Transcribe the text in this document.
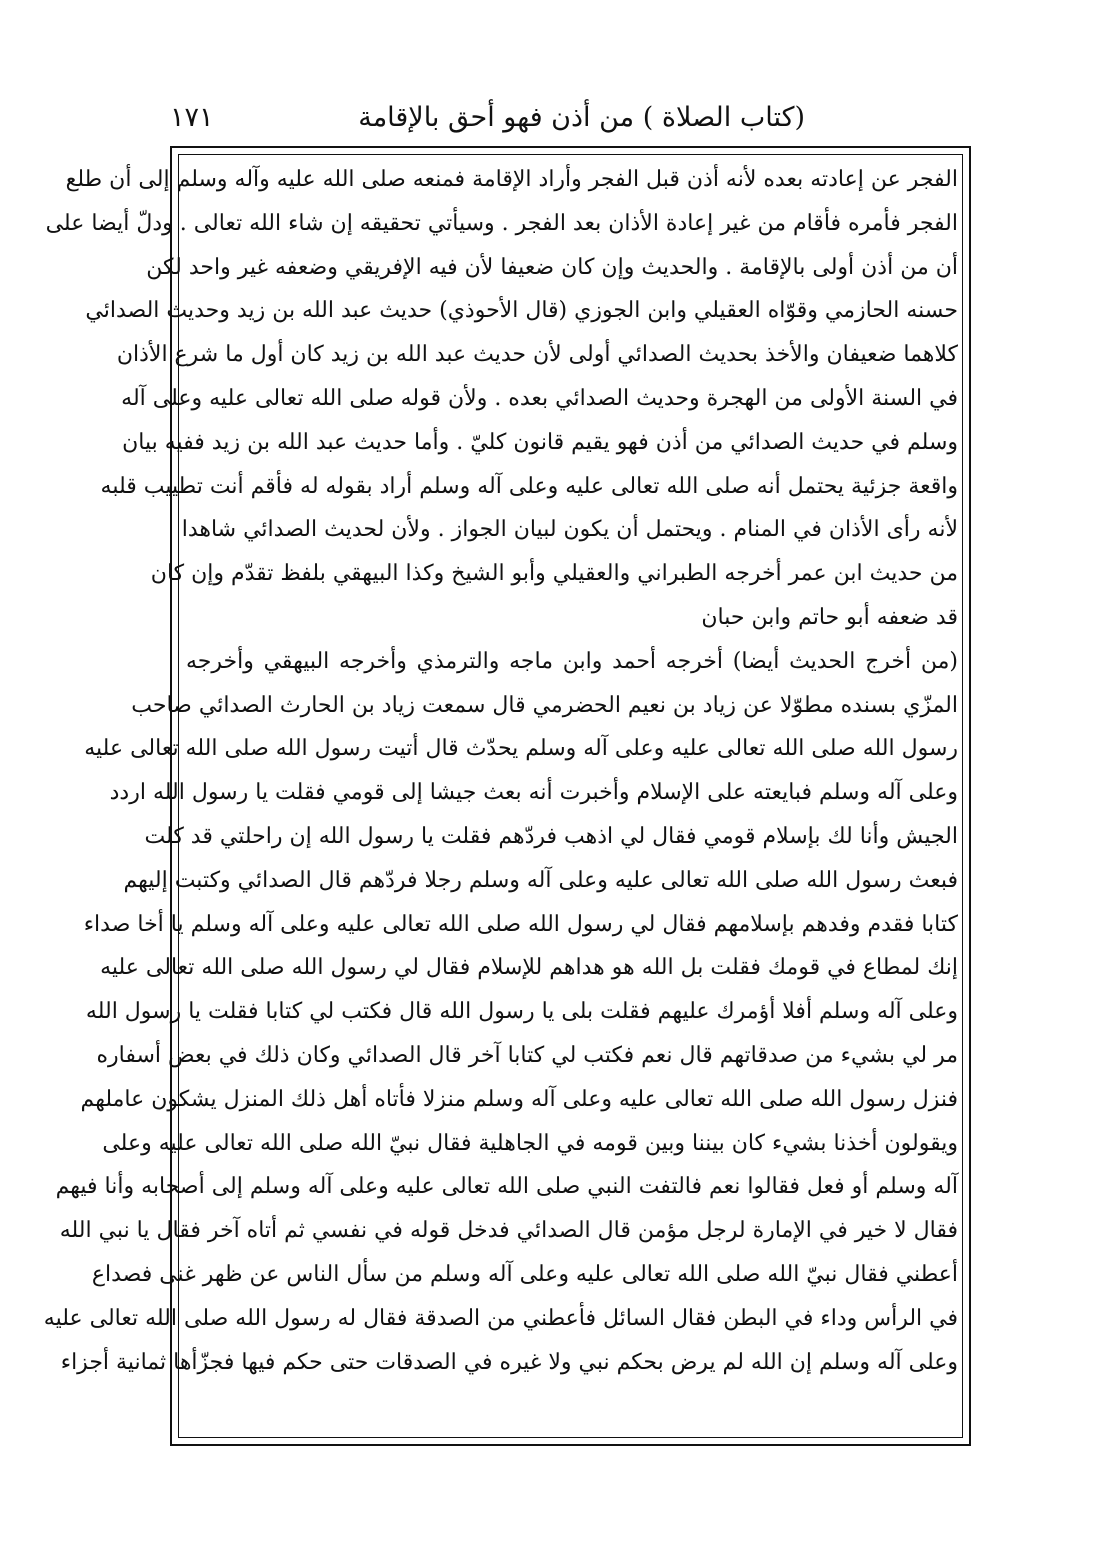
(كتاب الصلاة ) من أذن فهو أحق بالإقامة
١٧١
الفجر عن إعادته بعده لأنه أذن قبل الفجر وأراد الإقامة فمنعه صلى الله عليه وآله وسلم إلى أن طلع
الفجر فأمره فأقام من غير إعادة الأذان بعد الفجر . وسيأتي تحقيقه إن شاء الله تعالى . ودلّ أيضا على
أن من أذن أولى بالإقامة . والحديث وإن كان ضعيفا لأن فيه الإفريقي وضعفه غير واحد لكن
حسنه الحازمي وقوّاه العقيلي وابن الجوزي (قال الأحوذي) حديث عبد الله بن زيد وحديث الصدائي
كلاهما ضعيفان والأخذ بحديث الصدائي أولى لأن حديث عبد الله بن زيد كان أول ما شرع الأذان
في السنة الأولى من الهجرة وحديث الصدائي بعده . ولأن قوله صلى الله تعالى عليه وعلى آله
وسلم في حديث الصدائي من أذن فهو يقيم قانون كليّ . وأما حديث عبد الله بن زيد ففيه بيان
واقعة جزئية يحتمل أنه صلى الله تعالى عليه وعلى آله وسلم أراد بقوله له فأقم أنت تطييب قلبه
لأنه رأى الأذان في المنام . ويحتمل أن يكون لبيان الجواز . ولأن لحديث الصدائي شاهدا
من حديث ابن عمر أخرجه الطبراني والعقيلي وأبو الشيخ وكذا البيهقي بلفظ تقدّم وإن كان
قد ضعفه أبو حاتم وابن حبان
(من أخرج الحديث أيضا) أخرجه أحمد وابن ماجه والترمذي وأخرجه البيهقي وأخرجه
المزّي بسنده مطوّلا عن زياد بن نعيم الحضرمي قال سمعت زياد بن الحارث الصدائي صاحب
رسول الله صلى الله تعالى عليه وعلى آله وسلم يحدّث قال أتيت رسول الله صلى الله تعالى عليه
وعلى آله وسلم فبايعته على الإسلام وأخبرت أنه بعث جيشا إلى قومي فقلت يا رسول الله اردد
الجيش وأنا لك بإسلام قومي فقال لي اذهب فردّهم فقلت يا رسول الله إن راحلتي قد كلت
فبعث رسول الله صلى الله تعالى عليه وعلى آله وسلم رجلا فردّهم قال الصدائي وكتبت إليهم
كتابا فقدم وفدهم بإسلامهم فقال لي رسول الله صلى الله تعالى عليه وعلى آله وسلم يا أخا صداء
إنك لمطاع في قومك فقلت بل الله هو هداهم للإسلام فقال لي رسول الله صلى الله تعالى عليه
وعلى آله وسلم أفلا أؤمرك عليهم فقلت بلى يا رسول الله قال فكتب لي كتابا فقلت يا رسول الله
مر لي بشيء من صدقاتهم قال نعم فكتب لي كتابا آخر قال الصدائي وكان ذلك في بعض أسفاره
فنزل رسول الله صلى الله تعالى عليه وعلى آله وسلم منزلا فأتاه أهل ذلك المنزل يشكون عاملهم
ويقولون أخذنا بشيء كان بيننا وبين قومه في الجاهلية فقال نبيّ الله صلى الله تعالى عليه وعلى
آله وسلم أو فعل فقالوا نعم فالتفت النبي صلى الله تعالى عليه وعلى آله وسلم إلى أصحابه وأنا فيهم
فقال لا خير في الإمارة لرجل مؤمن قال الصدائي فدخل قوله في نفسي ثم أتاه آخر فقال يا نبي الله
أعطني فقال نبيّ الله صلى الله تعالى عليه وعلى آله وسلم من سأل الناس عن ظهر غنى فصداع
في الرأس وداء في البطن فقال السائل فأعطني من الصدقة فقال له رسول الله صلى الله تعالى عليه
وعلى آله وسلم إن الله لم يرض بحكم نبي ولا غيره في الصدقات حتى حكم فيها فجزّأها ثمانية أجزاء
